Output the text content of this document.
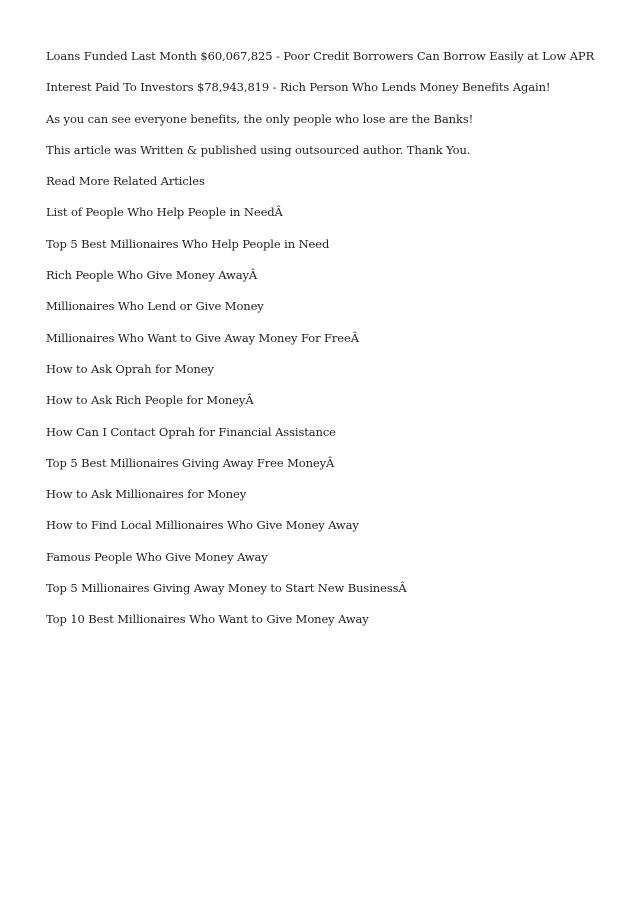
Loans Funded Last Month $60,067,825 - Poor Credit Borrowers Can Borrow Easily at Low APR
Interest Paid To Investors $78,943,819 - Rich Person Who Lends Money Benefits Again!
As you can see everyone benefits, the only people who lose are the Banks!
This article was Written & published using outsourced author. Thank You.
Read More Related Articles
List of People Who Help People in NeedÂ
Top 5 Best Millionaires Who Help People in Need
Rich People Who Give Money AwayÂ
Millionaires Who Lend or Give Money
Millionaires Who Want to Give Away Money For FreeÂ
How to Ask Oprah for Money
How to Ask Rich People for MoneyÂ
How Can I Contact Oprah for Financial Assistance
Top 5 Best Millionaires Giving Away Free MoneyÂ
How to Ask Millionaires for Money
How to Find Local Millionaires Who Give Money Away
Famous People Who Give Money Away
Top 5 Millionaires Giving Away Money to Start New BusinessÂ
Top 10 Best Millionaires Who Want to Give Money Away
